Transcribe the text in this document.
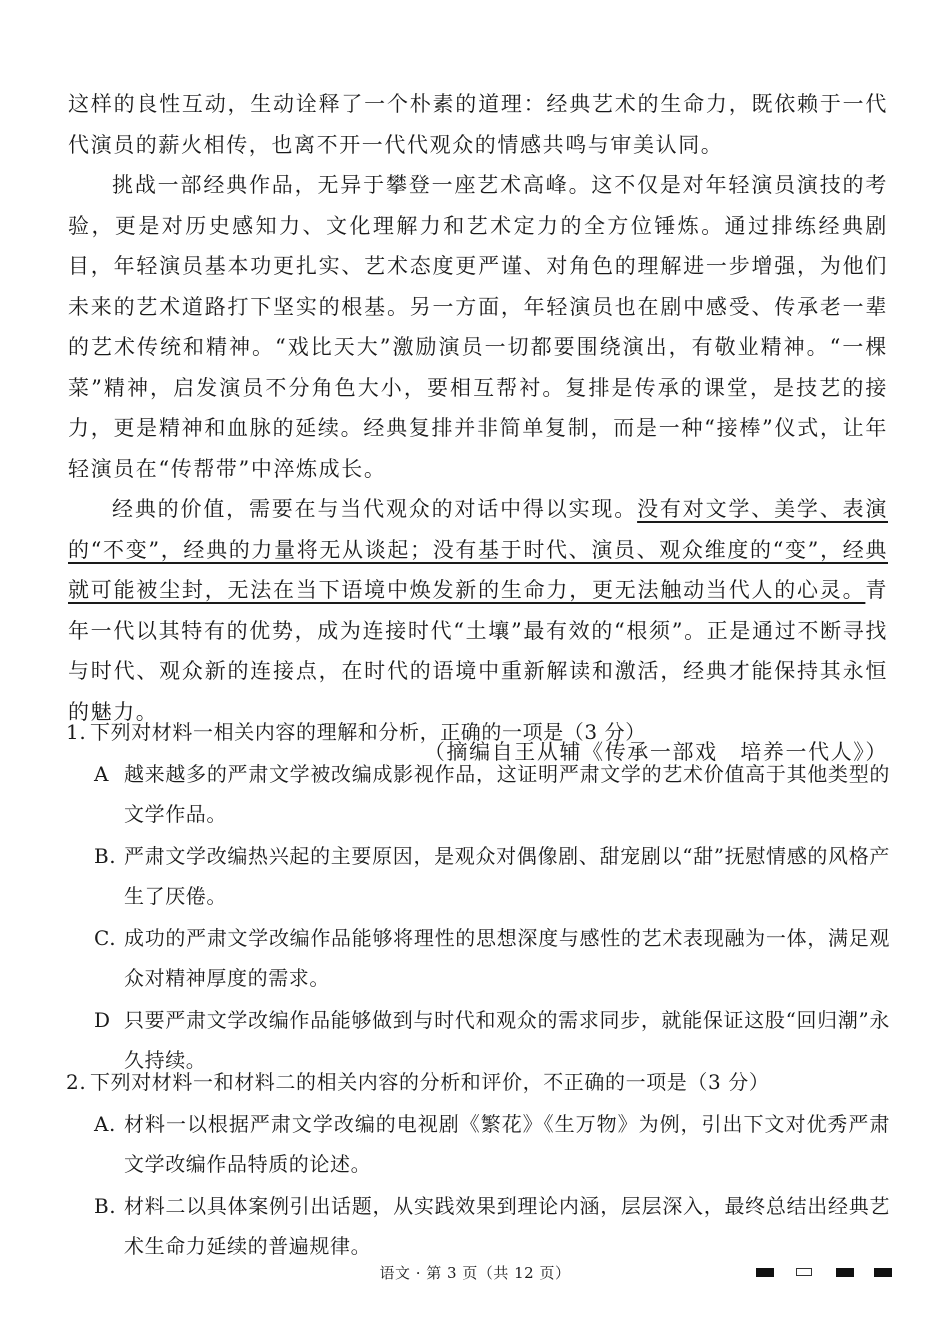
这样的良性互动，生动诠释了一个朴素的道理：经典艺术的生命力，既依赖于一代代演员的薪火相传，也离不开一代代观众的情感共鸣与审美认同。

挑战一部经典作品，无异于攀登一座艺术高峰。这不仅是对年轻演员演技的考验，更是对历史感知力、文化理解力和艺术定力的全方位锤炼。通过排练经典剧目，年轻演员基本功更扎实、艺术态度更严谨、对角色的理解进一步增强，为他们未来的艺术道路打下坚实的根基。另一方面，年轻演员也在剧中感受、传承老一辈的艺术传统和精神。“戏比天大”激励演员一切都要围绕演出，有敬业精神。“一棵菜”精神，启发演员不分角色大小，要相互帮衬。复排是传承的课堂，是技艺的接力，更是精神和血脉的延续。经典复排并非简单复制，而是一种“接棒”仪式，让年轻演员在“传帮带”中淬炼成长。

经典的价值，需要在与当代观众的对话中得以实现。没有对文学、美学、表演的“不变”，经典的力量将无从谈起；没有基于时代、演员、观众维度的“变”，经典就可能被尘封，无法在当下语境中焕发新的生命力，更无法触动当代人的心灵。青年一代以其特有的优势，成为连接时代“土壤”最有效的“根须”。正是通过不断寻找与时代、观众新的连接点，在时代的语境中重新解读和激活，经典才能保持其永恒的魅力。

（摘编自王从辅《传承一部戏　培养一代人》）

1. 下列对材料一相关内容的理解和分析，正确的一项是（3 分）
A 越来越多的严肃文学被改编成影视作品，这证明严肃文学的艺术价值高于其他类型的文学作品。
B. 严肃文学改编热兴起的主要原因，是观众对偶像剧、甜宠剧以“甜”抚慰情感的风格产生了厌倦。
C. 成功的严肃文学改编作品能够将理性的思想深度与感性的艺术表现融为一体，满足观众对精神厚度的需求。
D 只要严肃文学改编作品能够做到与时代和观众的需求同步，就能保证这股“回归潮”永久持续。
2. 下列对材料一和材料二的相关内容的分析和评价，不正确的一项是（3 分）
A. 材料一以根据严肃文学改编的电视剧《繁花》《生万物》为例，引出下文对优秀严肃文学改编作品特质的论述。
B. 材料二以具体案例引出话题，从实践效果到理论内涵，层层深入，最终总结出经典艺术生命力延续的普遍规律。
语文 · 第 3 页（共 12 页）
